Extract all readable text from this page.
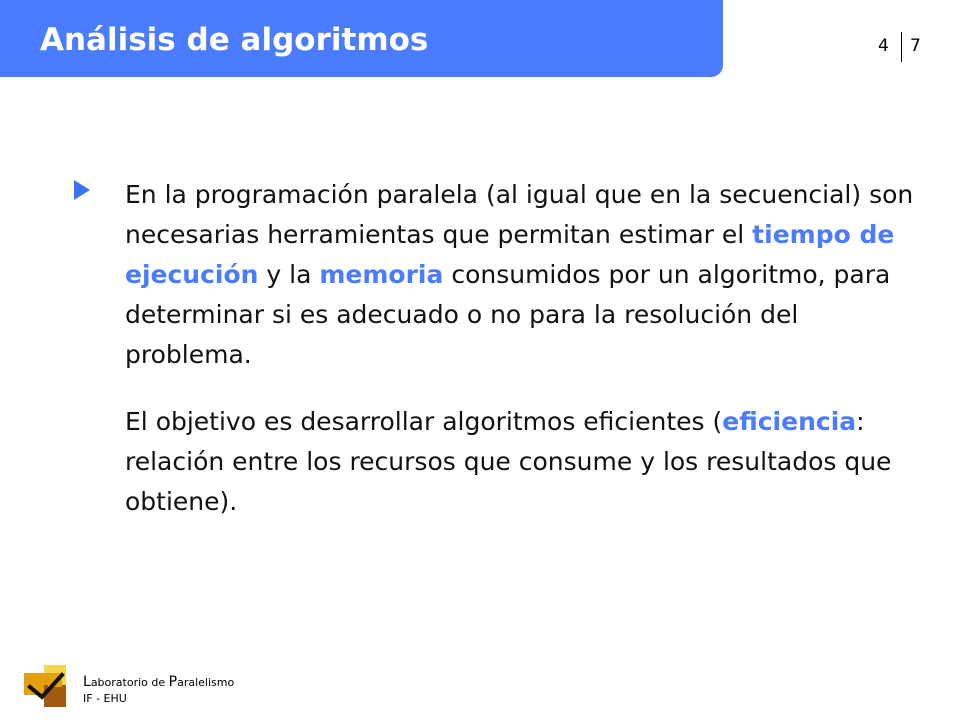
Análisis de algoritmos	4 7
En la programación paralela (al igual que en la secuencial) son necesarias herramientas que permitan estimar el tiempo de ejecución y la memoria consumidos por un algoritmo, para determinar si es adecuado o no para la resolución del problema.
El objetivo es desarrollar algoritmos eficientes (eficiencia: relación entre los recursos que consume y los resultados que obtiene).
Laboratorio de Paralelismo
IF - EHU
